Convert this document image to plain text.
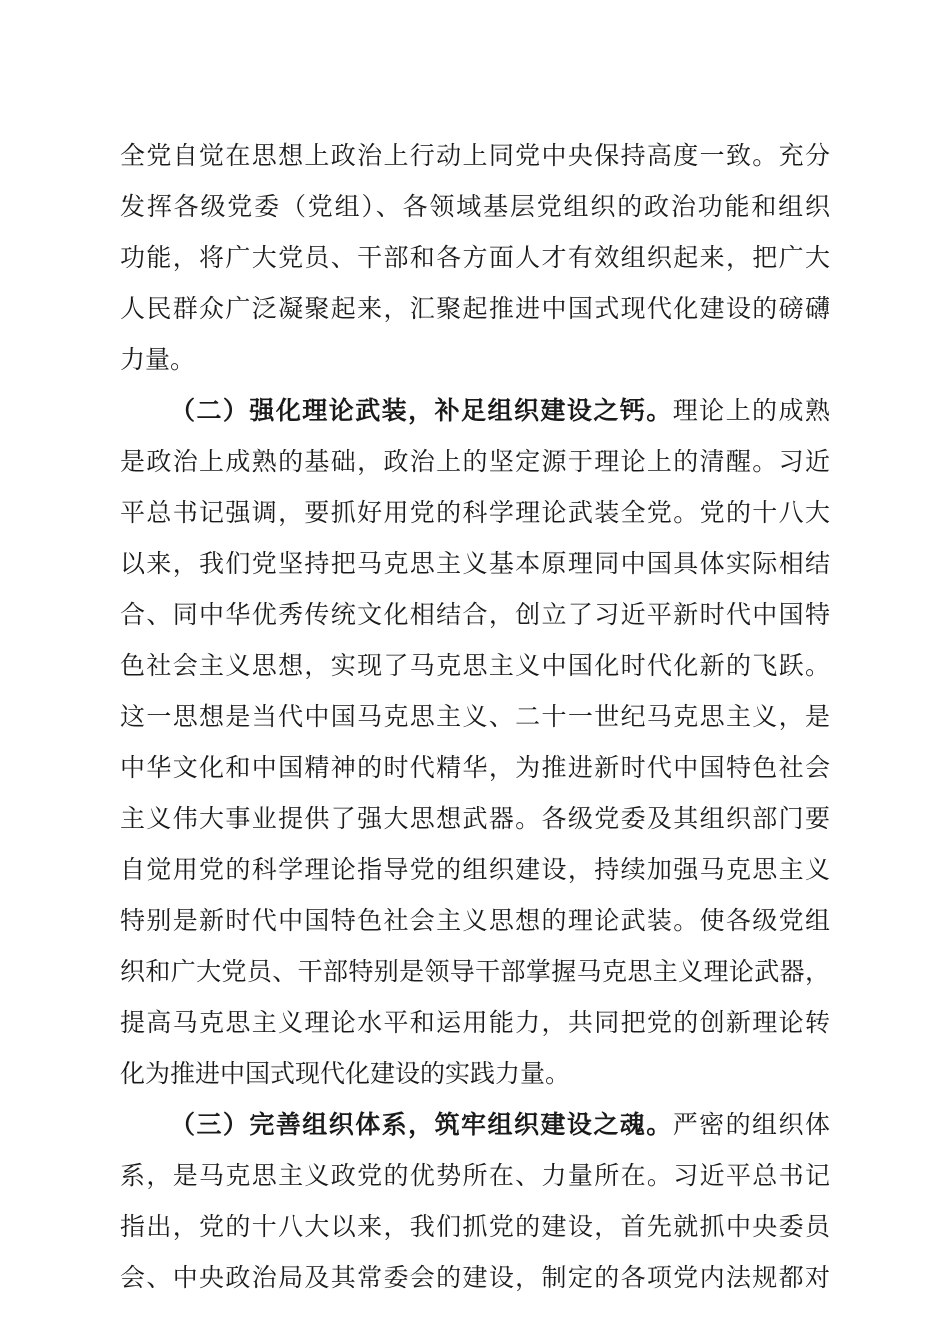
全党自觉在思想上政治上行动上同党中央保持高度一致。充分
发挥各级党委（党组）、各领域基层党组织的政治功能和组织
功能，将广大党员、干部和各方面人才有效组织起来，把广大
人民群众广泛凝聚起来，汇聚起推进中国式现代化建设的磅礴
力量。
（二）强化理论武装，补足组织建设之钙。理论上的成熟
是政治上成熟的基础，政治上的坚定源于理论上的清醒。习近
平总书记强调，要抓好用党的科学理论武装全党。党的十八大
以来，我们党坚持把马克思主义基本原理同中国具体实际相结
合、同中华优秀传统文化相结合，创立了习近平新时代中国特
色社会主义思想，实现了马克思主义中国化时代化新的飞跃。
这一思想是当代中国马克思主义、二十一世纪马克思主义，是
中华文化和中国精神的时代精华，为推进新时代中国特色社会
主义伟大事业提供了强大思想武器。各级党委及其组织部门要
自觉用党的科学理论指导党的组织建设，持续加强马克思主义
特别是新时代中国特色社会主义思想的理论武装。使各级党组
织和广大党员、干部特别是领导干部掌握马克思主义理论武器，
提高马克思主义理论水平和运用能力，共同把党的创新理论转
化为推进中国式现代化建设的实践力量。
（三）完善组织体系，筑牢组织建设之魂。严密的组织体
系，是马克思主义政党的优势所在、力量所在。习近平总书记
指出，党的十八大以来，我们抓党的建设，首先就抓中央委员
会、中央政治局及其常委会的建设，制定的各项党内法规都对
